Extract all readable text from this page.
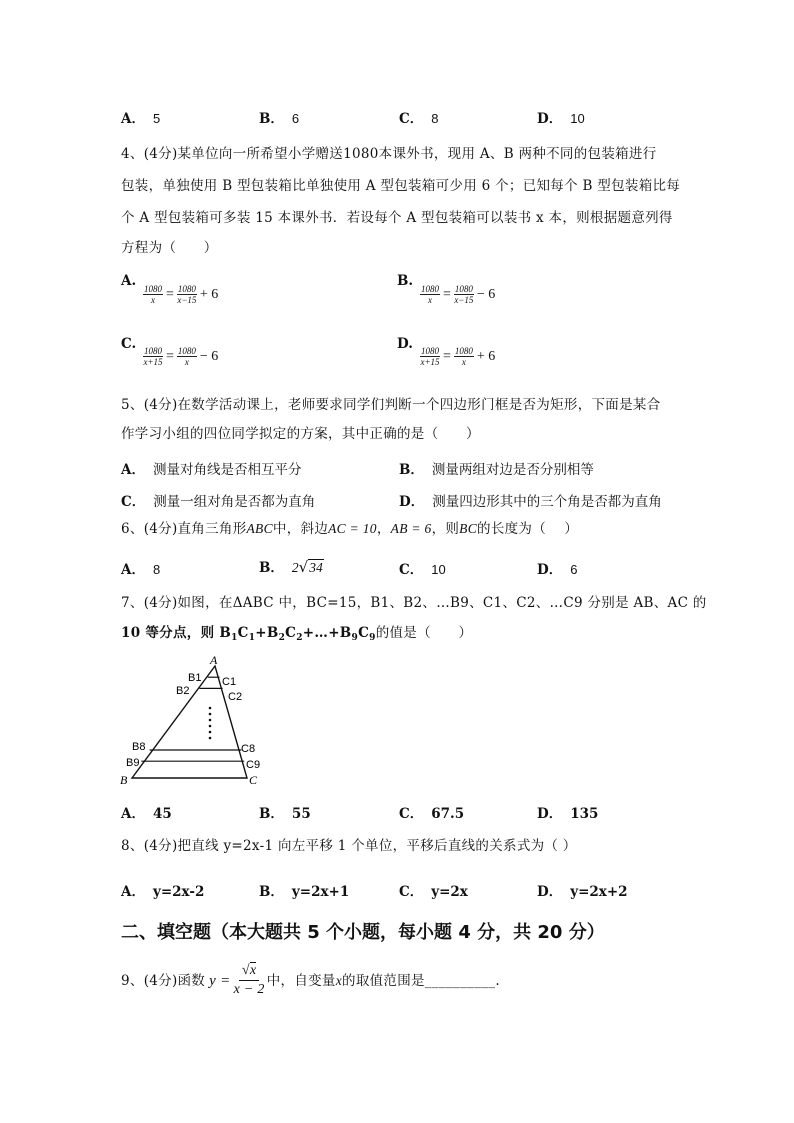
A． 5	B． 6	C． 8	D． 10
4、(4分)某单位向一所希望小学赠送1080本课外书，现用 A、B 两种不同的包装箱进行
包装，单独使用 B 型包装箱比单独使用 A 型包装箱可少用 6 个；已知每个 B 型包装箱比每
个 A 型包装箱可多装 15 本课外书．若设每个 A 型包装箱可以装书 x 本，则根据题意列得
方程为（　　）
A.
$\frac{1080}{x} = \frac{1080}{x-15} + 6$
B.
$\frac{1080}{x} = \frac{1080}{x-15} - 6$
C.
$\frac{1080}{x+15} = \frac{1080}{x} - 6$
D.
$\frac{1080}{x+15} = \frac{1080}{x} + 6$
5、(4分)在数学活动课上，老师要求同学们判断一个四边形门框是否为矩形，下面是某合
作学习小组的四位同学拟定的方案，其中正确的是（　　）
A． 测量对角线是否相互平分	B． 测量两组对边是否分别相等
C． 测量一组对角是否都为直角	D． 测量四边形其中的三个角是否都为直角
6、(4分)直角三角形ABC中，斜边AC = 10，AB = 6，则BC的长度为（　 ）
A． 8	B． 2√34	C． 10	D． 6
7、(4分)如图，在ΔABC 中，BC=15，B1、B2、…B9、C1、C2、…C9 分别是 AB、AC 的
10 等分点，则 $B_1C_1+B_2C_2+\dots+B_9C_9$的值是（　　）
A
B	C
B1
B2
C1
C2
B8
B9
C8
C9
A． 45	B． 55	C． 67.5	D． 135
8、(4分)把直线 y=2x-1 向左平移 1 个单位，平移后直线的关系式为（ ）
A． y=2x-2	B． y=2x+1	C． y=2x	D． y=2x+2
二、填空题（本大题共 5 个小题，每小题 4 分，共 20 分）
9、(4分)函数 $y = \frac{√x}{x - 2}$ 中，自变量 x 的取值范围是 __________.
